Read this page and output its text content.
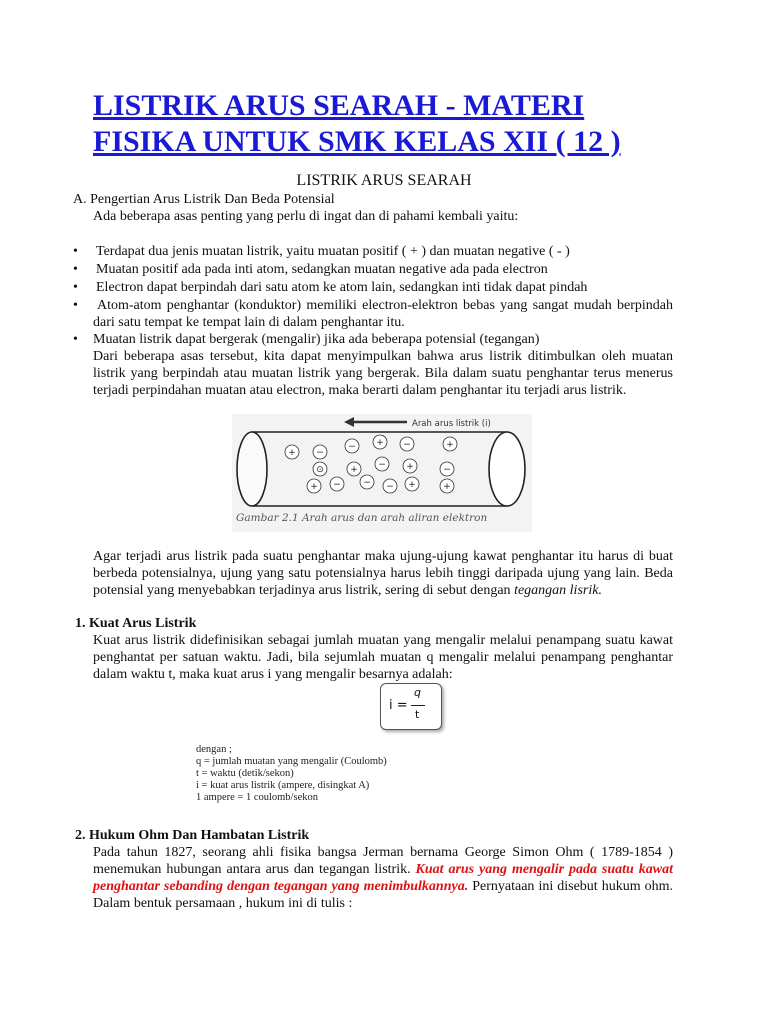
LISTRIK ARUS SEARAH - MATERI FISIKA UNTUK SMK KELAS XII ( 12 )
LISTRIK ARUS SEARAH
A. Pengertian Arus Listrik Dan Beda Potensial
Ada beberapa asas penting yang perlu di ingat dan di pahami kembali yaitu:
• Terdapat dua jenis muatan listrik, yaitu muatan positif ( + ) dan muatan negative ( - )
• Muatan positif ada pada inti atom, sedangkan muatan negative ada pada electron
• Electron dapat berpindah dari satu atom ke atom lain, sedangkan inti tidak dapat pindah
• Atom-atom penghantar (konduktor) memiliki electron-elektron bebas yang sangat mudah berpindah dari satu tempat ke tempat lain di dalam penghantar itu.
• Muatan listrik dapat bergerak (mengalir) jika ada beberapa potensial (tegangan)
Dari beberapa asas tersebut, kita dapat menyimpulkan bahwa arus listrik ditimbulkan oleh muatan listrik yang berpindah atau muatan listrik yang bergerak. Bila dalam suatu penghantar terus menerus terjadi perpindahan muatan atau electron, maka berarti dalam penghantar itu terjadi arus listrik.
Arah arus listrik (i)
+ −
− + −	+
⊙	+ − +	−
+ − − − +	+
Gambar 2.1 Arah arus dan arah aliran elektron
Agar terjadi arus listrik pada suatu penghantar maka ujung-ujung kawat penghantar itu harus di buat berbeda potensialnya, ujung yang satu potensialnya harus lebih tinggi daripada ujung yang lain. Beda potensial yang menyebabkan terjadinya arus listrik, sering di sebut dengan tegangan lisrik.
1. Kuat Arus Listrik
Kuat arus listrik didefinisikan sebagai jumlah muatan yang mengalir melalui penampang suatu kawat penghantat per satuan waktu. Jadi, bila sejumlah muatan q mengalir melalui penampang penghantar dalam waktu t, maka kuat arus i yang mengalir besarnya adalah:
i =
q
t
dengan ;
q = jumlah muatan yang mengalir (Coulomb)
t = waktu (detik/sekon)
i = kuat arus listrik (ampere, disingkat A)
1 ampere = 1 coulomb/sekon
2. Hukum Ohm Dan Hambatan Listrik
Pada tahun 1827, seorang ahli fisika bangsa Jerman bernama George Simon Ohm ( 1789-1854 ) menemukan hubungan antara arus dan tegangan listrik. Kuat arus yang mengalir pada suatu kawat penghantar sebanding dengan tegangan yang menimbulkannya. Pernyataan ini disebut hukum ohm. Dalam bentuk persamaan , hukum ini di tulis :
